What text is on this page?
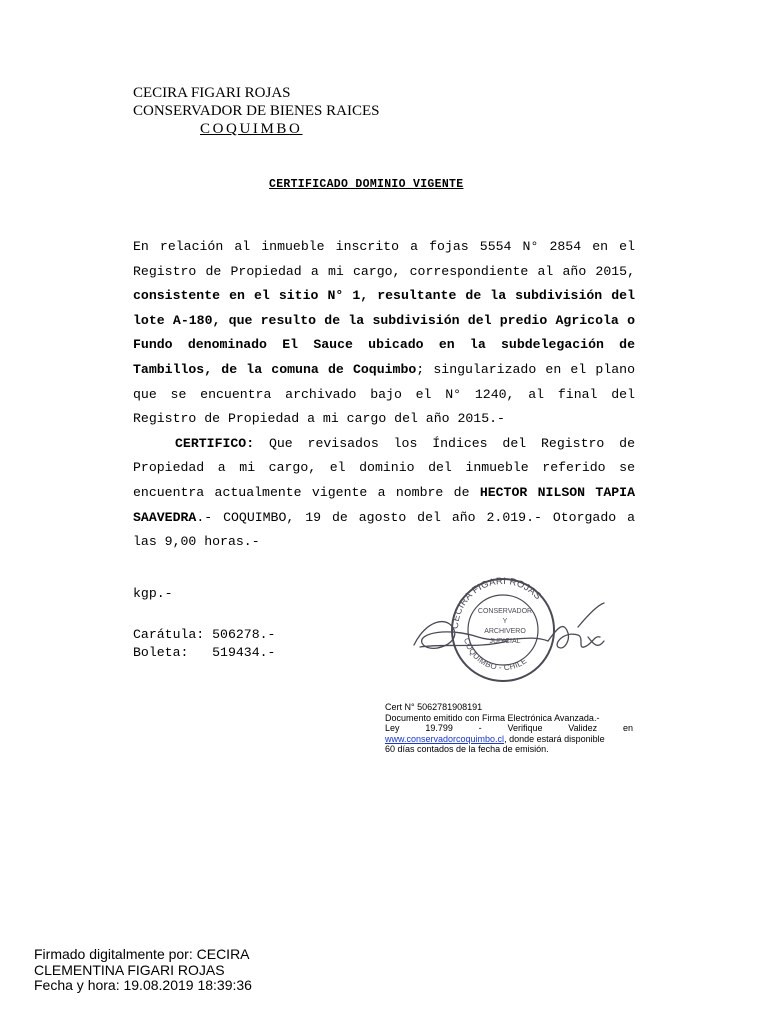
CECIRA FIGARI ROJAS
CONSERVADOR DE BIENES RAICES
COQUIMBO
CERTIFICADO DOMINIO VIGENTE

En relación al inmueble inscrito a fojas 5554 N° 2854 en el Registro de Propiedad a mi cargo, correspondiente al año 2015, consistente en el sitio N° 1, resultante de la subdivisión del lote A-180, que resulto de la subdivisión del predio Agricola o Fundo denominado El Sauce ubicado en la subdelegación de Tambillos, de la comuna de Coquimbo; singularizado en el plano que se encuentra archivado bajo el N° 1240, al final del Registro de Propiedad a mi cargo del año 2015.-

CERTIFICO: Que revisados los Índices del Registro de Propiedad a mi cargo, el dominio del inmueble referido se encuentra actualmente vigente a nombre de HECTOR NILSON TAPIA SAAVEDRA.- COQUIMBO, 19 de agosto del año 2.019.- Otorgado a las 9,00 horas.-

kgp.-
Carátula: 506278.-
Boleta:   519434.-
CECIRA FIGARI ROJAS
COQUIMBO - CHILE
CONSERVADOR
Y
ARCHIVERO
JUDICIAL
Cert N° 5062781908191
Documento emitido con Firma Electrónica Avanzada.-
Ley 19.799 - Verifique Validez en
www.conservadorcoquimbo.cl, donde estará disponible
60 días contados de la fecha de emisión.
Firmado digitalmente por: CECIRA
CLEMENTINA FIGARI ROJAS
Fecha y hora: 19.08.2019 18:39:36
